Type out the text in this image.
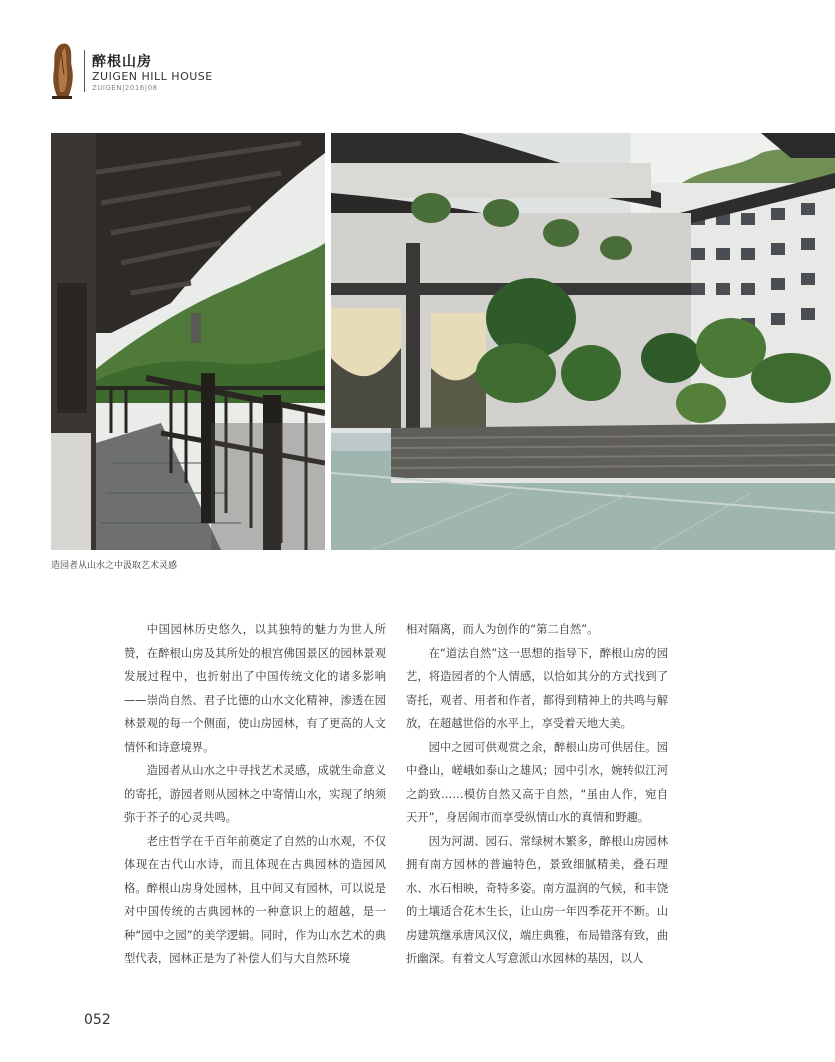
醉根山房
ZUIGEN HILL HOUSE
ZUIGEN|2016|08
造园者从山水之中汲取艺术灵感

中国园林历史悠久，以其独特的魅力为世人所赞，在醉根山房及其所处的根宫佛国景区的园林景观发展过程中，也折射出了中国传统文化的诸多影响——崇尚自然、君子比德的山水文化精神，渗透在园林景观的每一个侧面，使山房园林，有了更高的人文情怀和诗意境界。

造园者从山水之中寻找艺术灵感，成就生命意义的寄托，游园者则从园林之中寄情山水，实现了纳须弥于芥子的心灵共鸣。

老庄哲学在千百年前奠定了自然的山水观，不仅体现在古代山水诗，而且体现在古典园林的造园风格。醉根山房身处园林，且中间又有园林，可以说是对中国传统的古典园林的一种意识上的超越，是一种“园中之园”的美学逻辑。同时，作为山水艺术的典型代表，园林正是为了补偿人们与大自然环境

相对隔离，而人为创作的“第二自然”。

在“道法自然”这一思想的指导下，醉根山房的园艺，将造园者的个人情感，以恰如其分的方式找到了寄托，观者、用者和作者，都得到精神上的共鸣与解放，在超越世俗的水平上，享受着天地大美。

园中之园可供观赏之余，醉根山房可供居住。园中叠山，嵯峨如泰山之雄风；园中引水，婉转似江河之韵致……模仿自然又高于自然，“虽由人作，宛自天开”，身居闹市而享受纵情山水的真情和野趣。

因为河湖、园石、常绿树木繁多，醉根山房园林拥有南方园林的普遍特色，景致细腻精美，叠石理水、水石相映，奇特多姿。南方温润的气候，和丰饶的土壤适合花木生长，让山房一年四季花开不断。山房建筑继承唐风汉仪，端庄典雅，布局错落有致，曲折幽深。有着文人写意派山水园林的基因，以人

052
